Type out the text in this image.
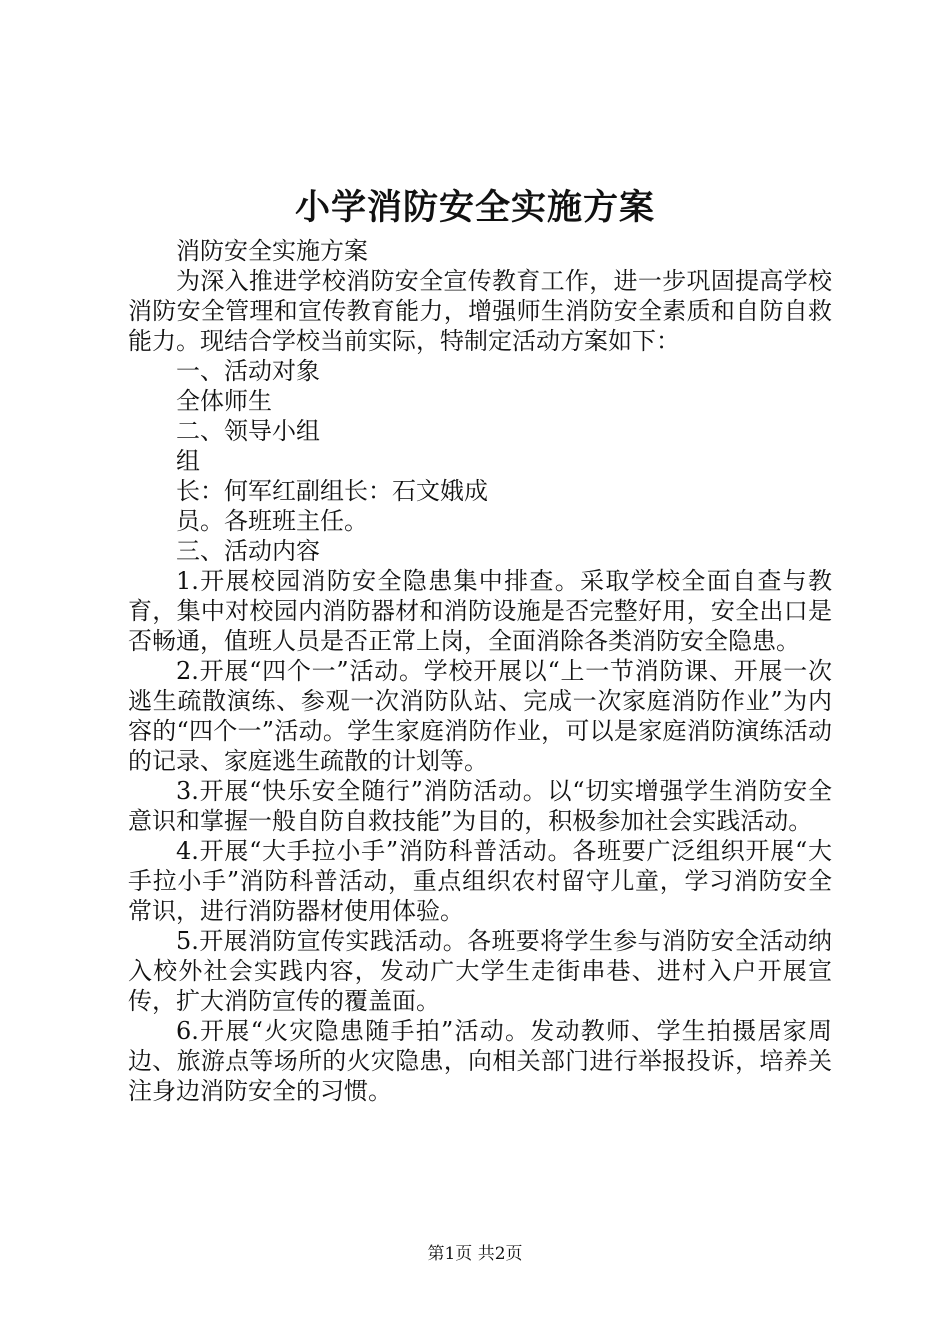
小学消防安全实施方案

消防安全实施方案

为深入推进学校消防安全宣传教育工作，进一步巩固提高学校消防安全管理和宣传教育能力，增强师生消防安全素质和自防自救能力。现结合学校当前实际，特制定活动方案如下：

一、活动对象

全体师生

二、领导小组

组

长：何军红副组长：石文娥成

员。各班班主任。

三、活动内容

1.开展校园消防安全隐患集中排查。采取学校全面自查与教育，集中对校园内消防器材和消防设施是否完整好用，安全出口是否畅通，值班人员是否正常上岗，全面消除各类消防安全隐患。

2.开展“四个一”活动。学校开展以“上一节消防课、开展一次逃生疏散演练、参观一次消防队站、完成一次家庭消防作业”为内容的“四个一”活动。学生家庭消防作业，可以是家庭消防演练活动的记录、家庭逃生疏散的计划等。

3.开展“快乐安全随行”消防活动。以“切实增强学生消防安全意识和掌握一般自防自救技能”为目的，积极参加社会实践活动。

4.开展“大手拉小手”消防科普活动。各班要广泛组织开展“大手拉小手”消防科普活动，重点组织农村留守儿童，学习消防安全常识，进行消防器材使用体验。

5.开展消防宣传实践活动。各班要将学生参与消防安全活动纳入校外社会实践内容，发动广大学生走街串巷、进村入户开展宣传，扩大消防宣传的覆盖面。

6.开展“火灾隐患随手拍”活动。发动教师、学生拍摄居家周边、旅游点等场所的火灾隐患，向相关部门进行举报投诉，培养关注身边消防安全的习惯。

第1页 共2页
